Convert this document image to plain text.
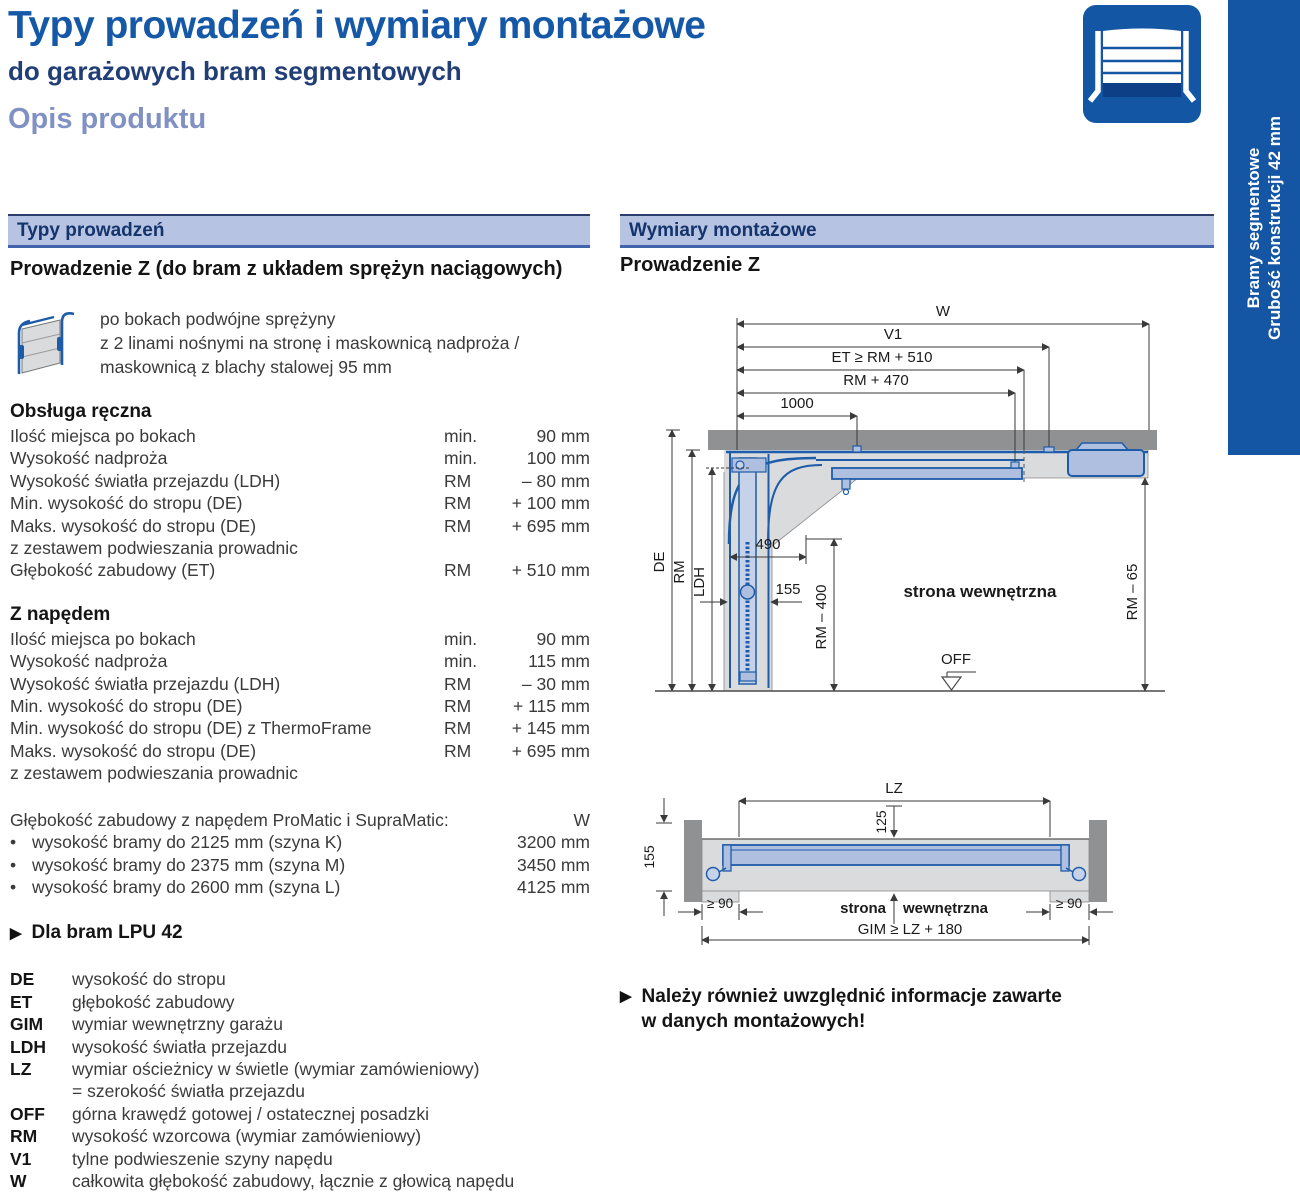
Typy prowadzeń i wymiary montażowe
do garażowych bram segmentowych
Opis produktu
Bramy segmentowe Grubość konstrukcji 42 mm
Typy prowadzeń
Prowadzenie Z (do bram z układem sprężyn naciągowych)
po bokach podwójne sprężyny
z 2 linami nośnymi na stronę i maskownicą nadproża /
maskownicą z blachy stalowej 95 mm
Obsługa ręczna
Ilość miejsca po bokach	min.	90 mm
Wysokość nadproża	min.	100 mm
Wysokość światła przejazdu (LDH)	RM	– 80 mm
Min. wysokość do stropu (DE)	RM	+ 100 mm
Maks. wysokość do stropu (DE)	RM	+ 695 mm
z zestawem podwieszania prowadnic
Głębokość zabudowy (ET)	RM	+ 510 mm
Z napędem
Ilość miejsca po bokach	min.	90 mm
Wysokość nadproża	min.	115 mm
Wysokość światła przejazdu (LDH)	RM	– 30 mm
Min. wysokość do stropu (DE)	RM	+ 115 mm
Min. wysokość do stropu (DE) z ThermoFrame	RM	+ 145 mm
Maks. wysokość do stropu (DE)	RM	+ 695 mm
z zestawem podwieszania prowadnic
Głębokość zabudowy z napędem ProMatic i SupraMatic:	W
• wysokość bramy do 2125 mm (szyna K)	3200 mm
• wysokość bramy do 2375 mm (szyna M)	3450 mm
• wysokość bramy do 2600 mm (szyna L)	4125 mm
▶ Dla bram LPU 42
DE	wysokość do stropu
ET	głębokość zabudowy
GIM	wymiar wewnętrzny garażu
LDH	wysokość światła przejazdu
LZ	wymiar ościeżnicy w świetle (wymiar zamówieniowy)
= szerokość światła przejazdu
OFF	górna krawędź gotowej / ostatecznej posadzki
RM	wysokość wzorcowa (wymiar zamówieniowy)
V1	tylne podwieszenie szyny napędu
W	całkowita głębokość zabudowy, łącznie z głowicą napędu
Wymiary montażowe
Prowadzenie Z
W
V1
ET ≥ RM + 510
RM + 470
1000
DE RM LDH
490
RM – 400
155	RM – 65
strona wewnętrzna
OFF
LZ
125
155
≥ 90	≥ 90
strona wewnętrzna
GIM ≥ LZ + 180
▶ Należy również uwzględnić informacje zawarte
w danych montażowych!
